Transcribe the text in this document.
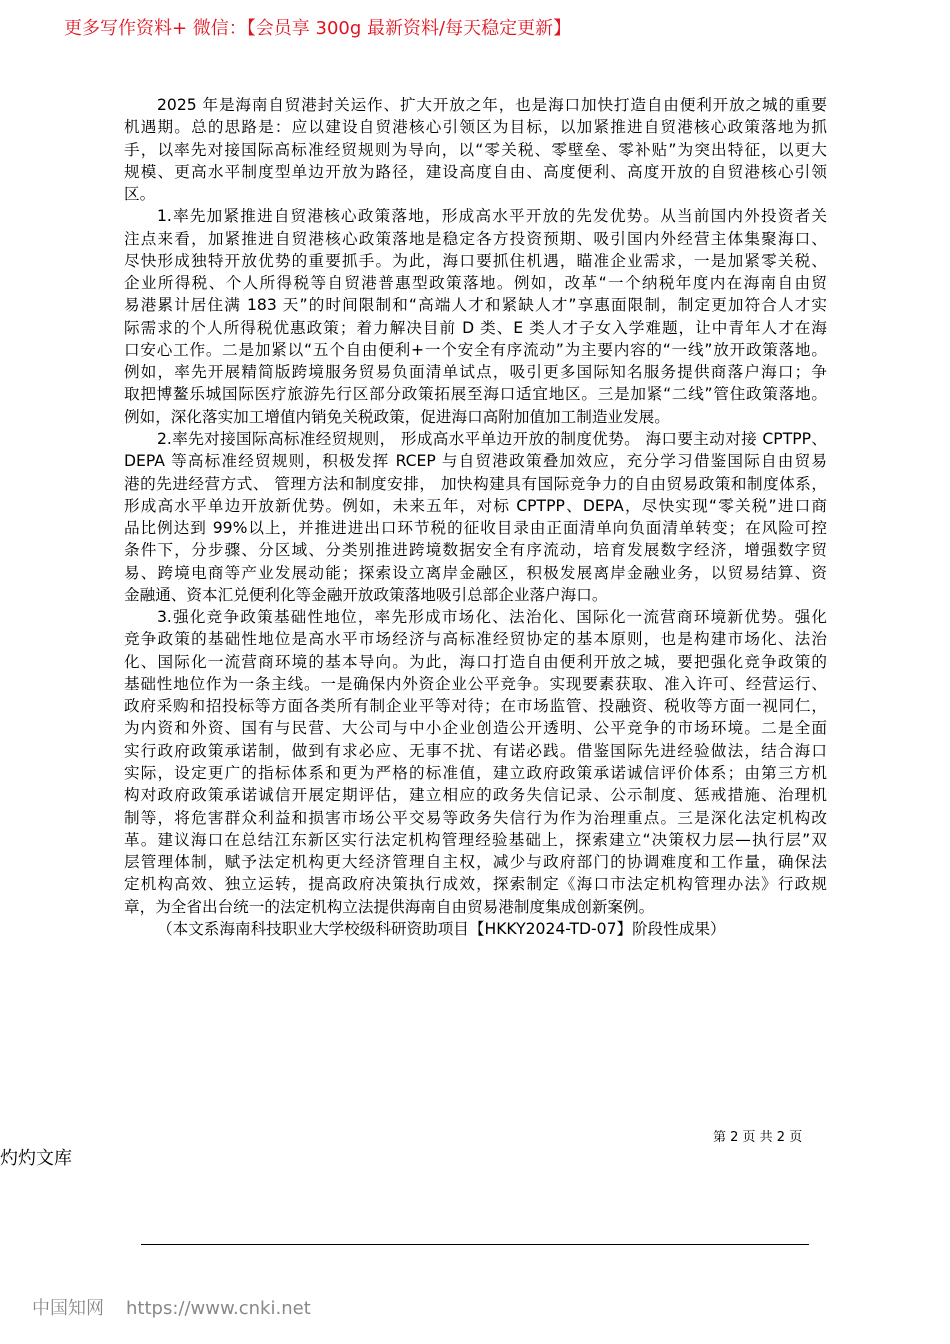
更多写作资料+ 微信：【会员享 300g 最新资料/每天稳定更新】
2025 年是海南自贸港封关运作、扩大开放之年，也是海口加快打造自由便利开放之城的重要
机遇期。总的思路是：应以建设自贸港核心引领区为目标，以加紧推进自贸港核心政策落地为抓
手，以率先对接国际高标准经贸规则为导向，以“零关税、零壁垒、零补贴”为突出特征，以更大
规模、更高水平制度型单边开放为路径，建设高度自由、高度便利、高度开放的自贸港核心引领
区。
1.率先加紧推进自贸港核心政策落地，形成高水平开放的先发优势。从当前国内外投资者关
注点来看，加紧推进自贸港核心政策落地是稳定各方投资预期、吸引国内外经营主体集聚海口、
尽快形成独特开放优势的重要抓手。为此，海口要抓住机遇，瞄准企业需求，一是加紧零关税、
企业所得税、个人所得税等自贸港普惠型政策落地。例如，改革“一个纳税年度内在海南自由贸
易港累计居住满 183 天”的时间限制和“高端人才和紧缺人才”享惠面限制，制定更加符合人才实
际需求的个人所得税优惠政策；着力解决目前 D 类、E 类人才子女入学难题，让中青年人才在海
口安心工作。二是加紧以“五个自由便利+一个安全有序流动”为主要内容的“一线”放开政策落地。
例如，率先开展精简版跨境服务贸易负面清单试点，吸引更多国际知名服务提供商落户海口；争
取把博鳌乐城国际医疗旅游先行区部分政策拓展至海口适宜地区。三是加紧“二线”管住政策落地。
例如，深化落实加工增值内销免关税政策，促进海口高附加值加工制造业发展。
2.率先对接国际高标准经贸规则， 形成高水平单边开放的制度优势。 海口要主动对接 CPTPP、
DEPA 等高标准经贸规则，积极发挥 RCEP 与自贸港政策叠加效应，充分学习借鉴国际自由贸易
港的先进经营方式、 管理方法和制度安排， 加快构建具有国际竞争力的自由贸易政策和制度体系，
形成高水平单边开放新优势。例如，未来五年，对标 CPTPP、DEPA，尽快实现“零关税”进口商
品比例达到 99%以上，并推进进出口环节税的征收目录由正面清单向负面清单转变；在风险可控
条件下，分步骤、分区域、分类别推进跨境数据安全有序流动，培育发展数字经济，增强数字贸
易、跨境电商等产业发展动能；探索设立离岸金融区，积极发展离岸金融业务，以贸易结算、资
金融通、资本汇兑便利化等金融开放政策落地吸引总部企业落户海口。
3.强化竞争政策基础性地位，率先形成市场化、法治化、国际化一流营商环境新优势。强化
竞争政策的基础性地位是高水平市场经济与高标准经贸协定的基本原则，也是构建市场化、法治
化、国际化一流营商环境的基本导向。为此，海口打造自由便利开放之城，要把强化竞争政策的
基础性地位作为一条主线。一是确保内外资企业公平竞争。实现要素获取、准入许可、经营运行、
政府采购和招投标等方面各类所有制企业平等对待；在市场监管、投融资、税收等方面一视同仁，
为内资和外资、国有与民营、大公司与中小企业创造公开透明、公平竞争的市场环境。二是全面
实行政府政策承诺制，做到有求必应、无事不扰、有诺必践。借鉴国际先进经验做法，结合海口
实际，设定更广的指标体系和更为严格的标准值，建立政府政策承诺诚信评价体系；由第三方机
构对政府政策承诺诚信开展定期评估，建立相应的政务失信记录、公示制度、惩戒措施、治理机
制等，将危害群众利益和损害市场公平交易等政务失信行为作为治理重点。三是深化法定机构改
革。建议海口在总结江东新区实行法定机构管理经验基础上，探索建立“决策权力层—执行层”双
层管理体制，赋予法定机构更大经济管理自主权，减少与政府部门的协调难度和工作量，确保法
定机构高效、独立运转，提高政府决策执行成效，探索制定《海口市法定机构管理办法》行政规
章，为全省出台统一的法定机构立法提供海南自由贸易港制度集成创新案例。
（本文系海南科技职业大学校级科研资助项目【HKKY2024-TD-07】阶段性成果）
第 2 页 共 2 页
灼灼文库
中国知网 https://www.cnki.net
